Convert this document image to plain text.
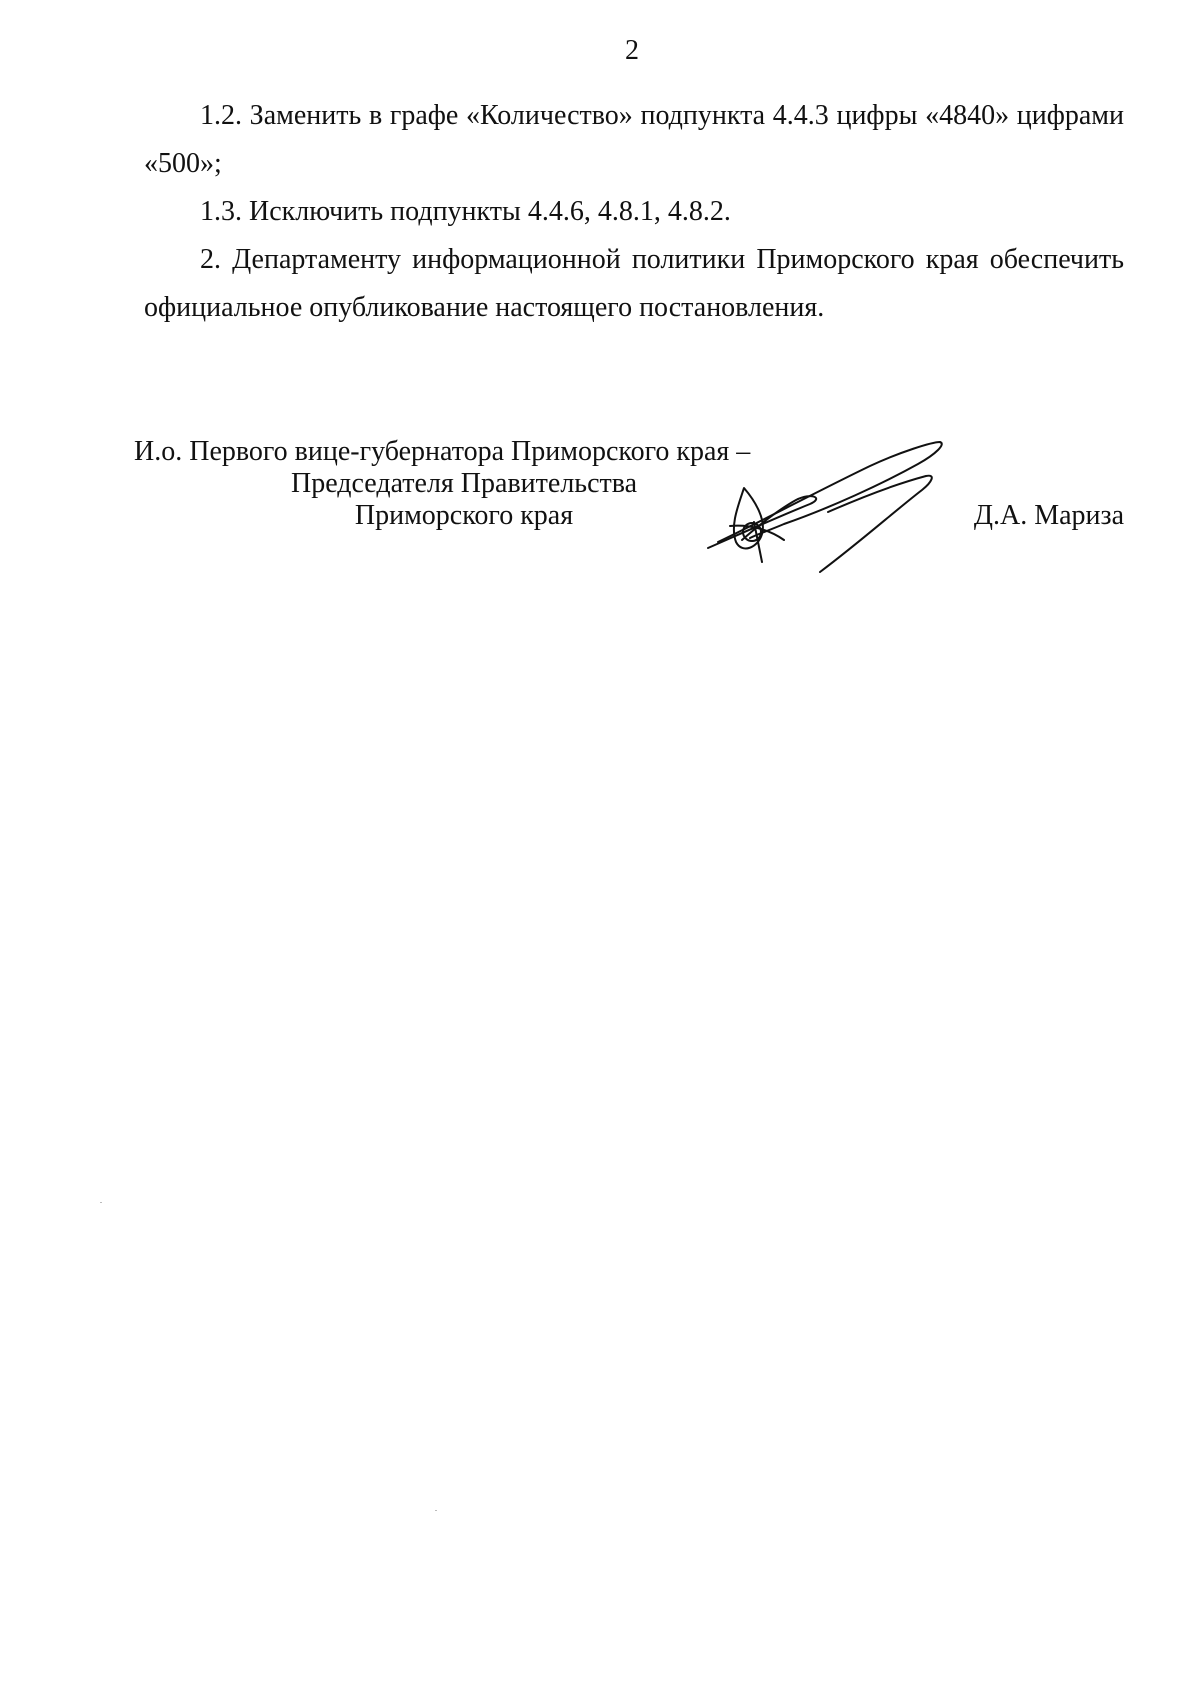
2

1.2. Заменить в графе «Количество» подпункта 4.4.3 цифры «4840» цифрами «500»;

1.3. Исключить подпункты 4.4.6, 4.8.1, 4.8.2.

2. Департаменту информационной политики Приморского края обеспечить официальное опубликование настоящего постановления.

И.о. Первого вице-губернатора Приморского края –
Председателя Правительства
Приморского края	Д.А. Мариза
